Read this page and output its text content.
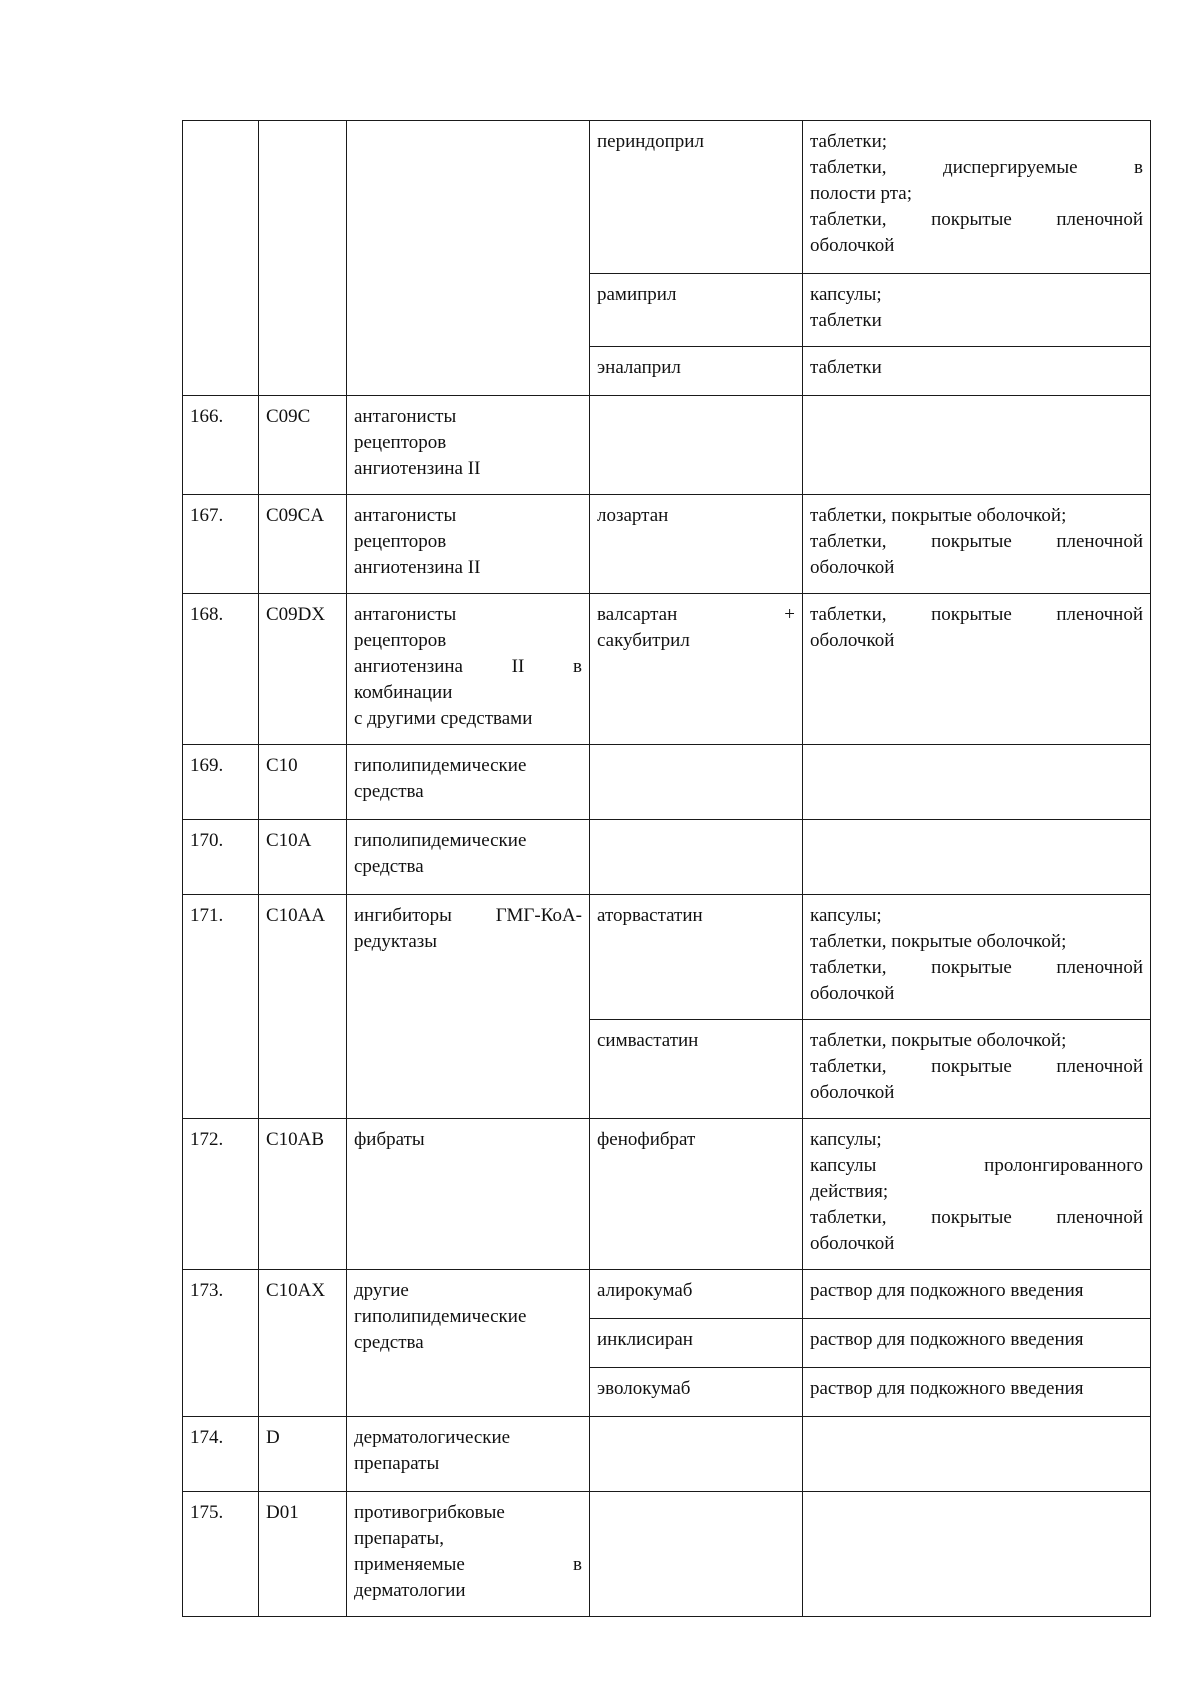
			периндоприл	таблетки;
таблетки, диспергируемые в
полости рта;
таблетки, покрытые пленочной
оболочкой

			рамиприл	капсулы;
таблетки

			эналаприл	таблетки

166.	C09C	антагонисты
рецепторов
ангиотензина II		

167.	C09CA	антагонисты
рецепторов
ангиотензина II	лозартан	таблетки, покрытые оболочкой;
таблетки, покрытые пленочной
оболочкой

168.	C09DX	антагонисты
рецепторов
ангиотензина II в
комбинации
с другими средствами	валсартан +
сакубитрил	таблетки, покрытые пленочной
оболочкой

169.	C10	гиполипидемические
средства		

170.	C10A	гиполипидемические
средства		

171.	C10AA	ингибиторы ГМГ-КоА-
редуктазы	аторвастатин	капсулы;
таблетки, покрытые оболочкой;
таблетки, покрытые пленочной
оболочкой

			симвастатин	таблетки, покрытые оболочкой;
таблетки, покрытые пленочной
оболочкой

172.	C10AB	фибраты	фенофибрат	капсулы;
капсулы пролонгированного
действия;
таблетки, покрытые пленочной
оболочкой

173.	C10AX	другие
гиполипидемические
средства	алирокумаб	раствор для подкожного введения

			инклисиран	раствор для подкожного введения

			эволокумаб	раствор для подкожного введения

174.	D	дерматологические
препараты		

175.	D01	противогрибковые
препараты,
применяемые в
дерматологии		
